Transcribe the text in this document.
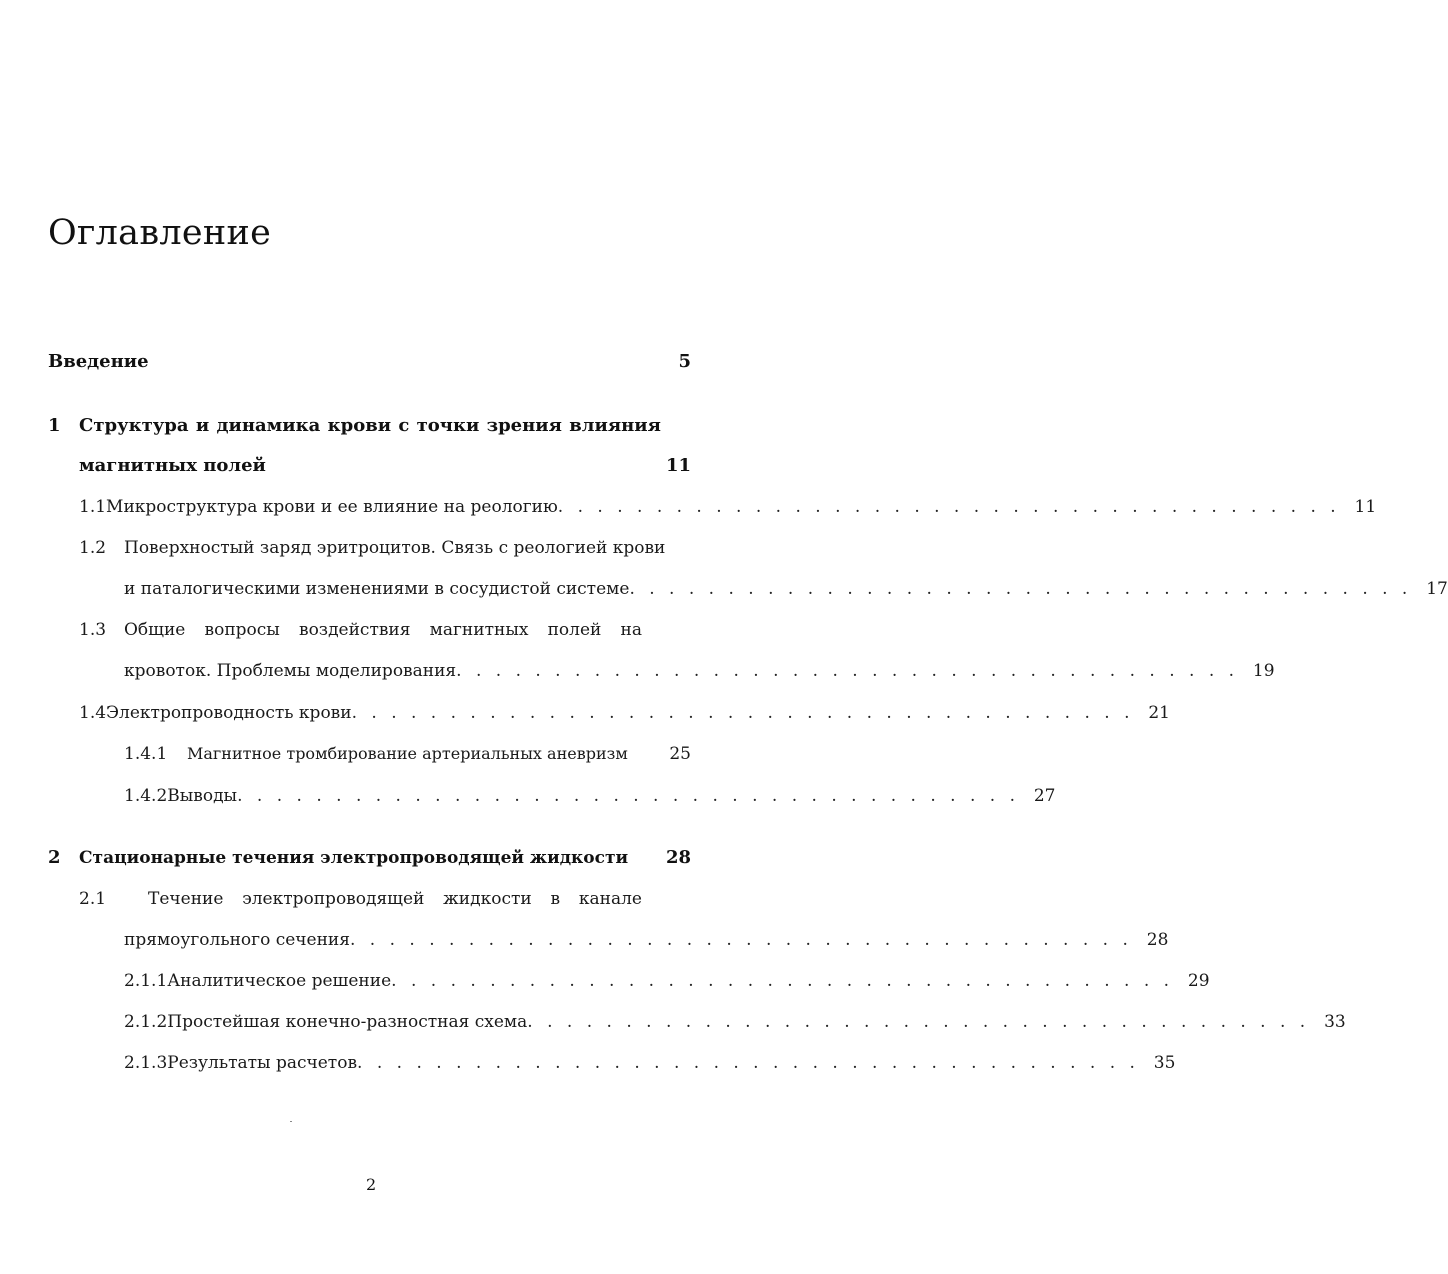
Оглавление
Введение	5
1	Структура и динамика крови с точки зрения влияния
магнитных полей	11
1.1 Микроструктура крови и ее влияние на реологию . . . . . . . . . . . . . . . . . . . . . . . . . . . . . . . . . . . . . . . . 11
1.2	Поверхностый заряд эритроцитов. Связь с реологией крови
и паталогическими изменениями в сосудистой системе . . . . . . . . . . . . . . . . . . . . . . . . . . . . . . . . . . . . . . . . 17
1.3	Общие вопросы воздействия магнитных полей на
кровоток. Проблемы моделирования . . . . . . . . . . . . . . . . . . . . . . . . . . . . . . . . . . . . . . . . 19
1.4 Электропроводность крови . . . . . . . . . . . . . . . . . . . . . . . . . . . . . . . . . . . . . . . . 21
1.4.1	Магнитное тромбирование артериальных аневризм 25
1.4.2 Выводы . . . . . . . . . . . . . . . . . . . . . . . . . . . . . . . . . . . . . . . . 27
2	Стационарные течения электропроводящей жидкости 28
2.1	Течение электропроводящей жидкости в канале
прямоугольного сечения . . . . . . . . . . . . . . . . . . . . . . . . . . . . . . . . . . . . . . . . 28
2.1.1 Аналитическое решение . . . . . . . . . . . . . . . . . . . . . . . . . . . . . . . . . . . . . . . . 29
2.1.2 Простейшая конечно-разностная схема . . . . . . . . . . . . . . . . . . . . . . . . . . . . . . . . . . . . . . . . 33
2.1.3 Результаты расчетов . . . . . . . . . . . . . . . . . . . . . . . . . . . . . . . . . . . . . . . . 35
2
